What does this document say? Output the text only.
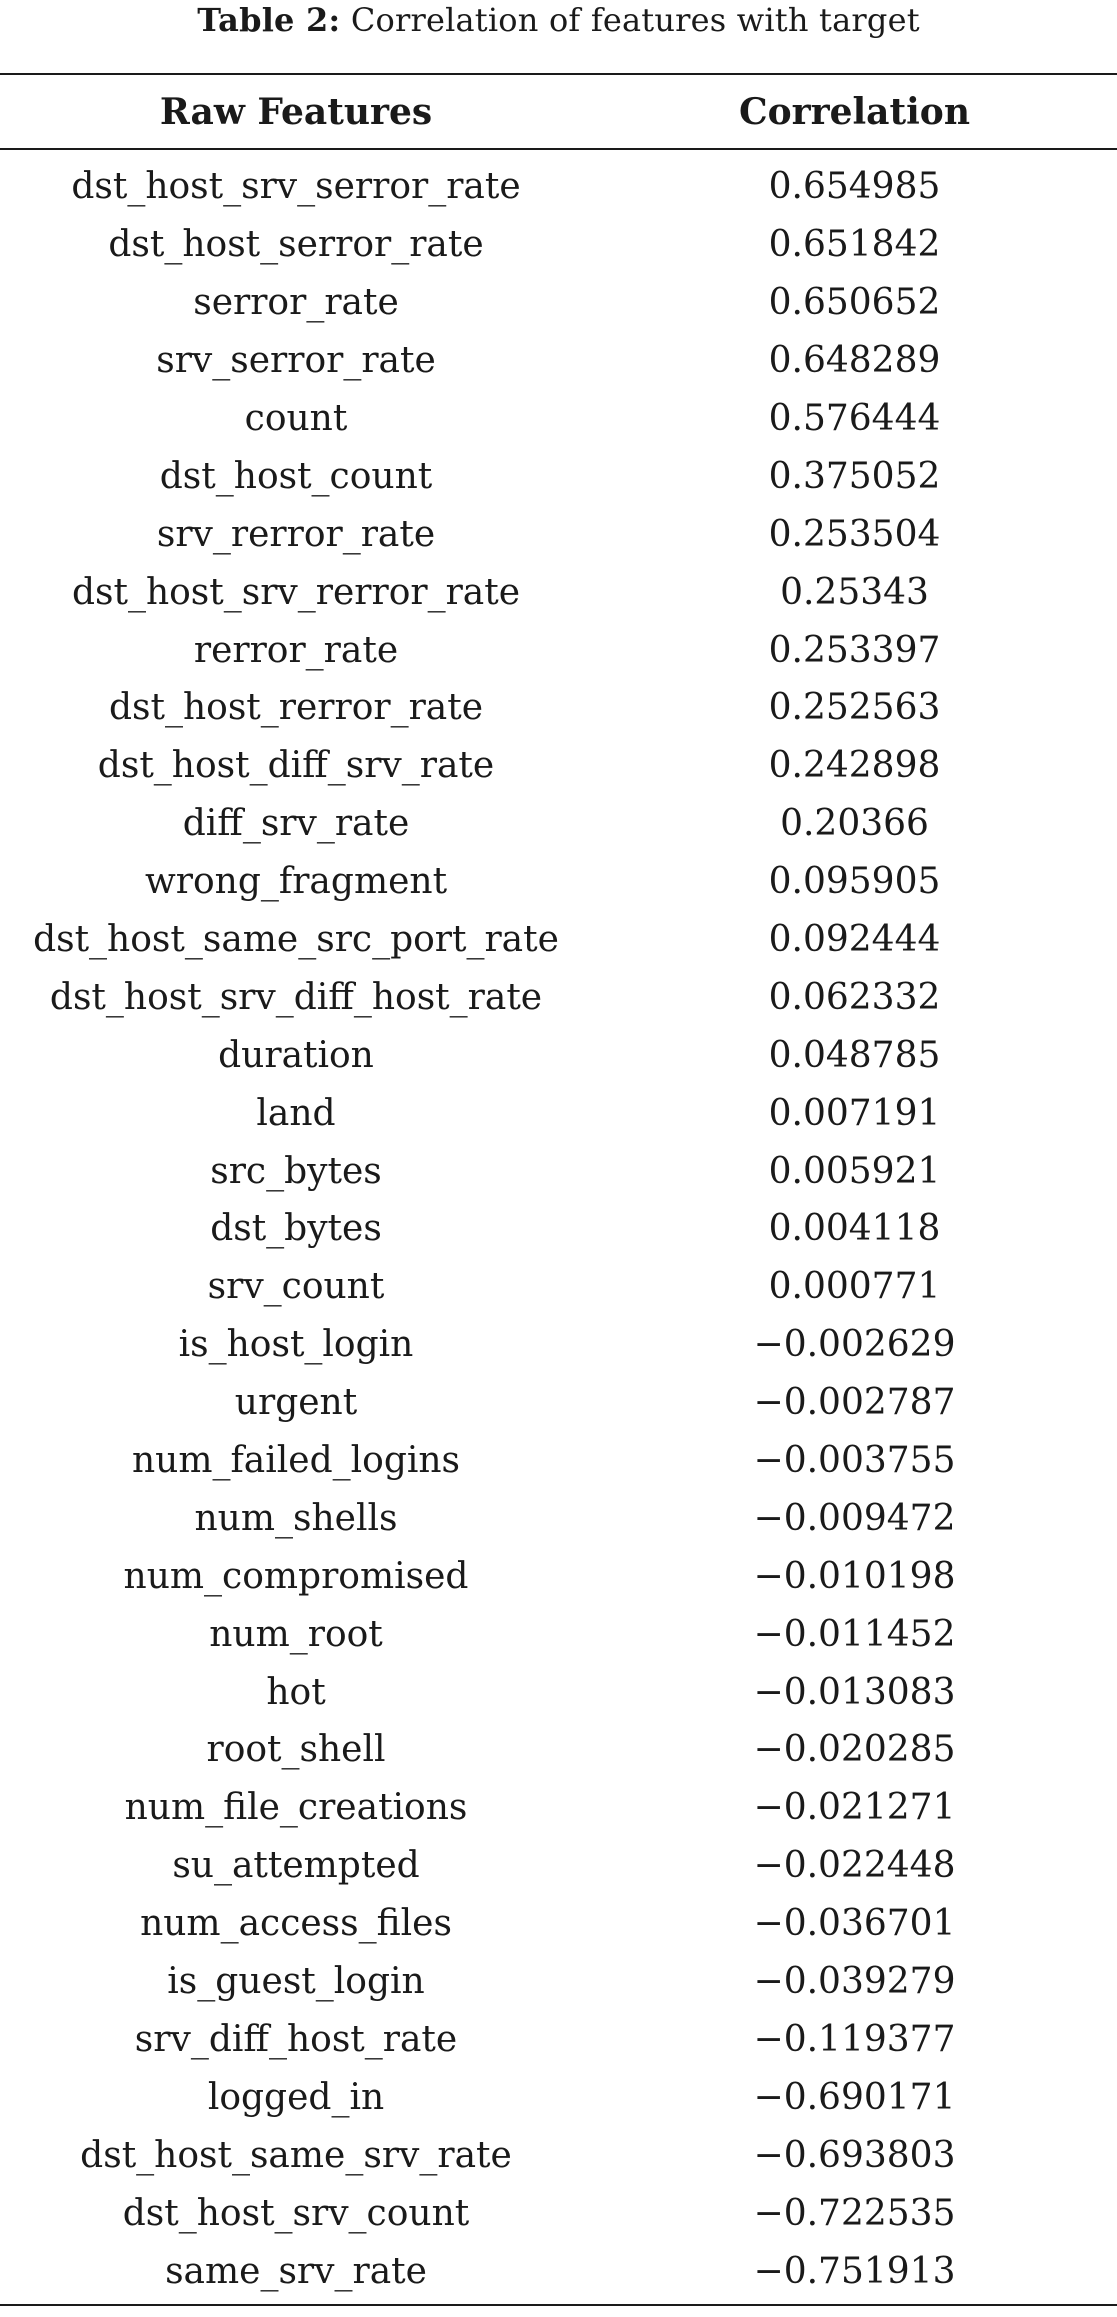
Table 2: Correlation of features with target
Raw Features	Correlation
dst_host_srv_serror_rate	0.654985
dst_host_serror_rate	0.651842
serror_rate	0.650652
srv_serror_rate	0.648289
count	0.576444
dst_host_count	0.375052
srv_rerror_rate	0.253504
dst_host_srv_rerror_rate	0.25343
rerror_rate	0.253397
dst_host_rerror_rate	0.252563
dst_host_diff_srv_rate	0.242898
diff_srv_rate	0.20366
wrong_fragment	0.095905
dst_host_same_src_port_rate	0.092444
dst_host_srv_diff_host_rate	0.062332
duration	0.048785
land	0.007191
src_bytes	0.005921
dst_bytes	0.004118
srv_count	0.000771
is_host_login	−0.002629
urgent	−0.002787
num_failed_logins	−0.003755
num_shells	−0.009472
num_compromised	−0.010198
num_root	−0.011452
hot	−0.013083
root_shell	−0.020285
num_file_creations	−0.021271
su_attempted	−0.022448
num_access_files	−0.036701
is_guest_login	−0.039279
srv_diff_host_rate	−0.119377
logged_in	−0.690171
dst_host_same_srv_rate	−0.693803
dst_host_srv_count	−0.722535
same_srv_rate	−0.751913
